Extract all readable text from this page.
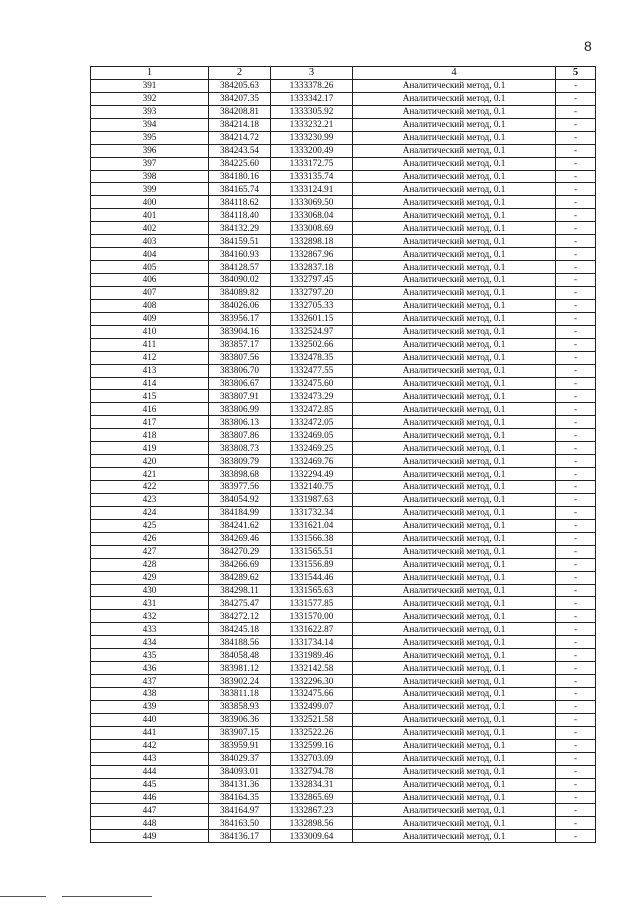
8
1	2	3	4	5
391	384205.63	1333378.26	Аналитический метод, 0.1	-
392	384207.35	1333342.17	Аналитический метод, 0.1	-
393	384208.81	1333305.92	Аналитический метод, 0.1	-
394	384214.18	1333232.21	Аналитический метод, 0.1	-
395	384214.72	1333230.99	Аналитический метод, 0.1	-
396	384243.54	1333200.49	Аналитический метод, 0.1	-
397	384225.60	1333172.75	Аналитический метод, 0.1	-
398	384180.16	1333135.74	Аналитический метод, 0.1	-
399	384165.74	1333124.91	Аналитический метод, 0.1	-
400	384118.62	1333069.50	Аналитический метод, 0.1	-
401	384118.40	1333068.04	Аналитический метод, 0.1	-
402	384132.29	1333008.69	Аналитический метод, 0.1	-
403	384159.51	1332898.18	Аналитический метод, 0.1	-
404	384160.93	1332867.96	Аналитический метод, 0.1	-
405	384128.57	1332837.18	Аналитический метод, 0.1	-
406	384090.02	1332797.45	Аналитический метод, 0.1	-
407	384089.82	1332797.20	Аналитический метод, 0.1	-
408	384026.06	1332705.33	Аналитический метод, 0.1	-
409	383956.17	1332601.15	Аналитический метод, 0.1	-
410	383904.16	1332524.97	Аналитический метод, 0.1	-
411	383857.17	1332502.66	Аналитический метод, 0.1	-
412	383807.56	1332478.35	Аналитический метод, 0.1	-
413	383806.70	1332477.55	Аналитический метод, 0.1	-
414	383806.67	1332475.60	Аналитический метод, 0.1	-
415	383807.91	1332473.29	Аналитический метод, 0.1	-
416	383806.99	1332472.85	Аналитический метод, 0.1	-
417	383806.13	1332472.05	Аналитический метод, 0.1	-
418	383807.86	1332469.05	Аналитический метод, 0.1	-
419	383808.73	1332469.25	Аналитический метод, 0.1	-
420	383809.79	1332469.76	Аналитический метод, 0.1	-
421	383898.68	1332294.49	Аналитический метод, 0.1	-
422	383977.56	1332140.75	Аналитический метод, 0.1	-
423	384054.92	1331987.63	Аналитический метод, 0.1	-
424	384184.99	1331732.34	Аналитический метод, 0.1	-
425	384241.62	1331621.04	Аналитический метод, 0.1	-
426	384269.46	1331566.38	Аналитический метод, 0.1	-
427	384270.29	1331565.51	Аналитический метод, 0.1	-
428	384266.69	1331556.89	Аналитический метод, 0.1	-
429	384289.62	1331544.46	Аналитический метод, 0.1	-
430	384298.11	1331565.63	Аналитический метод, 0.1	-
431	384275.47	1331577.85	Аналитический метод, 0.1	-
432	384272.12	1331570.00	Аналитический метод, 0.1	-
433	384245.18	1331622.87	Аналитический метод, 0.1	-
434	384188.56	1331734.14	Аналитический метод, 0.1	-
435	384058.48	1331989.46	Аналитический метод, 0.1	-
436	383981.12	1332142.58	Аналитический метод, 0.1	-
437	383902.24	1332296.30	Аналитический метод, 0.1	-
438	383811.18	1332475.66	Аналитический метод, 0.1	-
439	383858.93	1332499.07	Аналитический метод, 0.1	-
440	383906.36	1332521.58	Аналитический метод, 0.1	-
441	383907.15	1332522.26	Аналитический метод, 0.1	-
442	383959.91	1332599.16	Аналитический метод, 0.1	-
443	384029.37	1332703.09	Аналитический метод, 0.1	-
444	384093.01	1332794.78	Аналитический метод, 0.1	-
445	384131.36	1332834.31	Аналитический метод, 0.1	-
446	384164.35	1332865.69	Аналитический метод, 0.1	-
447	384164.97	1332867.23	Аналитический метод, 0.1	-
448	384163.50	1332898.56	Аналитический метод, 0.1	-
449	384136.17	1333009.64	Аналитический метод, 0.1	-
